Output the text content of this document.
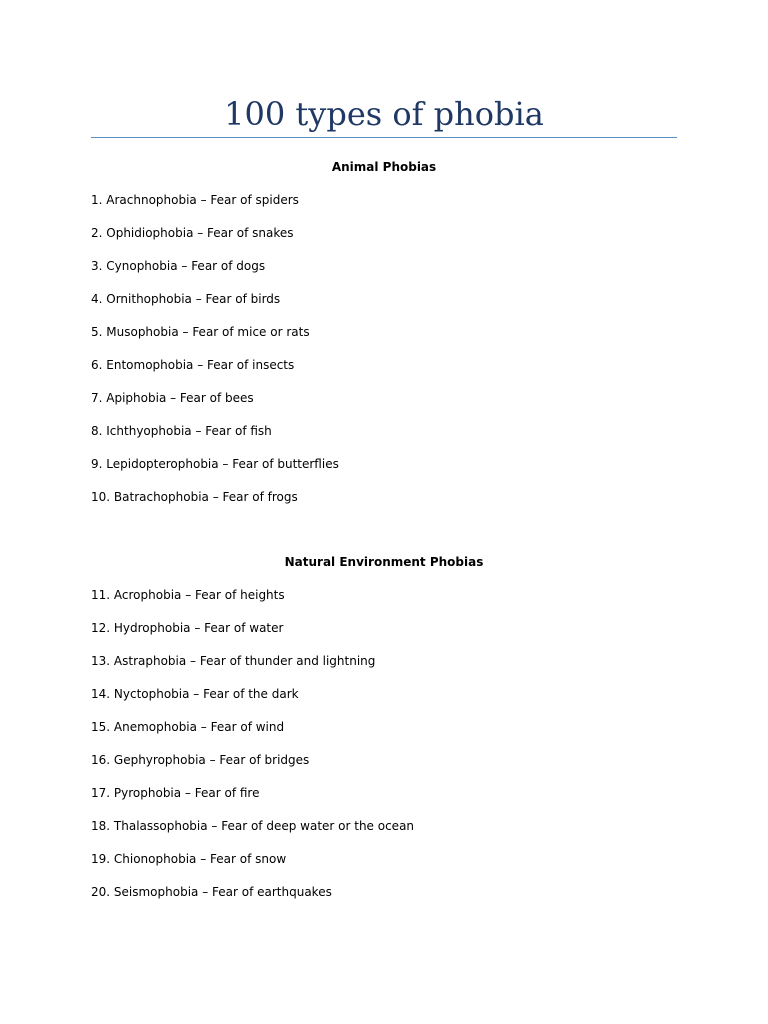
100 types of phobia
Animal Phobias
1. Arachnophobia – Fear of spiders
2. Ophidiophobia – Fear of snakes
3. Cynophobia – Fear of dogs
4. Ornithophobia – Fear of birds
5. Musophobia – Fear of mice or rats
6. Entomophobia – Fear of insects
7. Apiphobia – Fear of bees
8. Ichthyophobia – Fear of fish
9. Lepidopterophobia – Fear of butterflies
10. Batrachophobia – Fear of frogs
Natural Environment Phobias
11. Acrophobia – Fear of heights
12. Hydrophobia – Fear of water
13. Astraphobia – Fear of thunder and lightning
14. Nyctophobia – Fear of the dark
15. Anemophobia – Fear of wind
16. Gephyrophobia – Fear of bridges
17. Pyrophobia – Fear of fire
18. Thalassophobia – Fear of deep water or the ocean
19. Chionophobia – Fear of snow
20. Seismophobia – Fear of earthquakes
